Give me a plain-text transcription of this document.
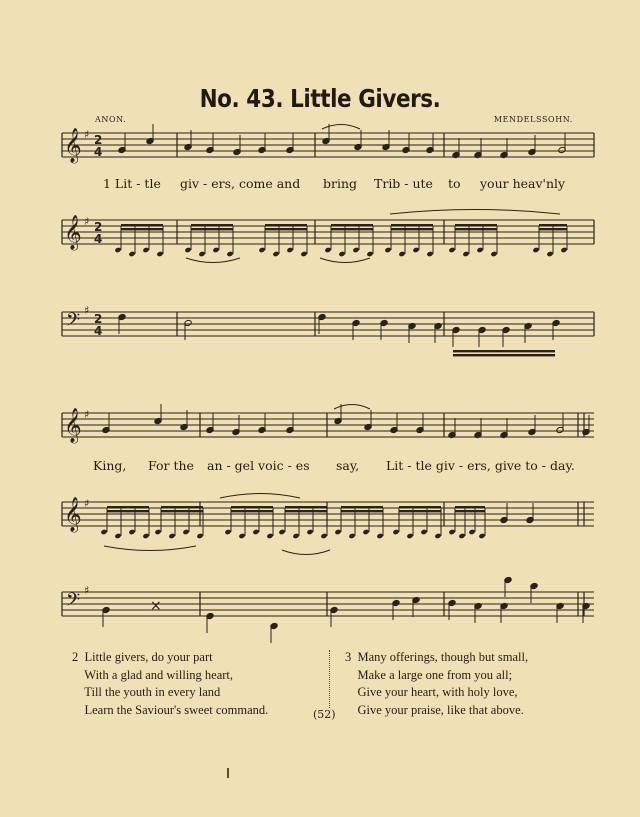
No. 43. Little Givers.
ANON.	MENDELSSOHN.
𝄞 ♯ 2
4
𝄞 ♯ 2
4
𝄢 ♯
2
4
𝄞 ♯
𝄞 ♯
𝄢 ♯
×
1 Lit - tle giv - ers, come and bring Trib - ute to your heav'nly
King, For the an - gel voic - es say, Lit - tle giv - ers, give to - day.
2  Little givers, do your part
With a glad and willing heart,
Till the youth in every land
Learn the Saviour's sweet command.
3  Many offerings, though but small,
Make a large one from you all;
Give your heart, with holy love,
Give your praise, like that above.
(52)
